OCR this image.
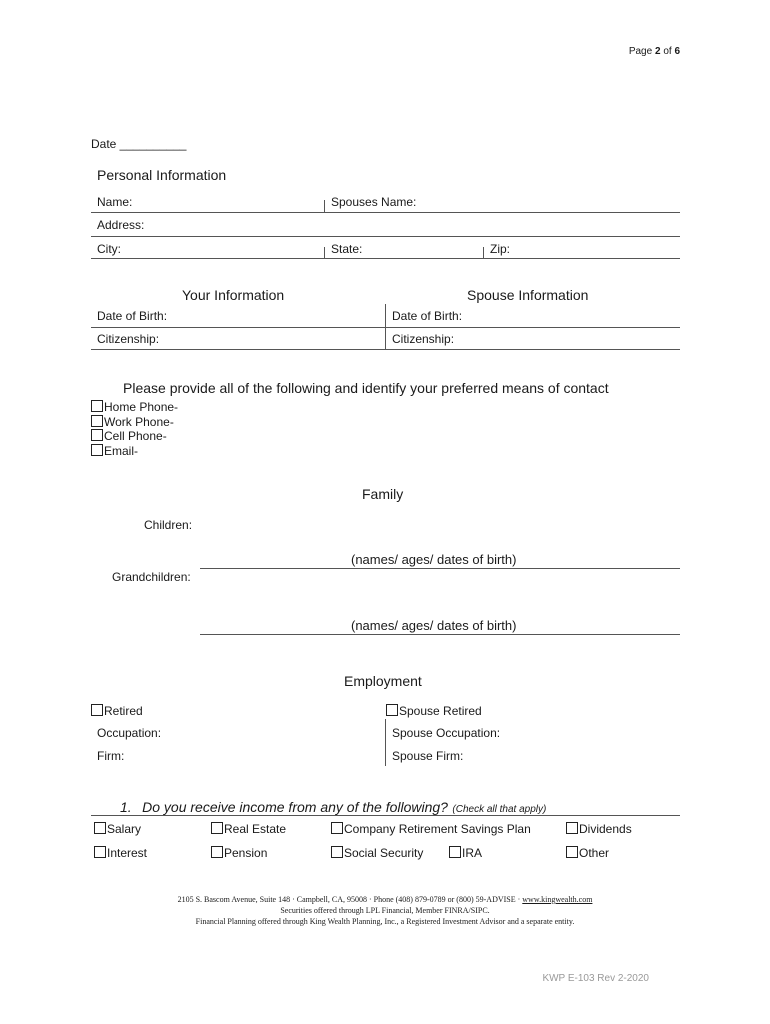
Page 2 of 6
Date __________
Personal Information
Name:	Spouses Name:
Address:
City:	State:	Zip:
Your Information	Spouse Information
Date of Birth:	Date of Birth:
Citizenship:	Citizenship:
Please provide all of the following and identify your preferred means of contact
Home Phone-
Work Phone-
Cell Phone-
Email-
Family
Children:
(names/ ages/ dates of birth)
Grandchildren:
(names/ ages/ dates of birth)
Employment
Retired	Spouse Retired
Occupation:	Spouse Occupation:
Firm:	Spouse Firm:
1. Do you receive income from any of the following? (Check all that apply)
Salary	Real Estate	Company Retirement Savings Plan	Dividends
Interest	Pension	Social Security	IRA	Other
2105 S. Bascom Avenue, Suite 148 · Campbell, CA, 95008 · Phone (408) 879-0789 or (800) 59-ADVISE · www.kingwealth.com
Securities offered through LPL Financial, Member FINRA/SIPC.
Financial Planning offered through King Wealth Planning, Inc., a Registered Investment Advisor and a separate entity.
KWP E-103 Rev 2-2020
